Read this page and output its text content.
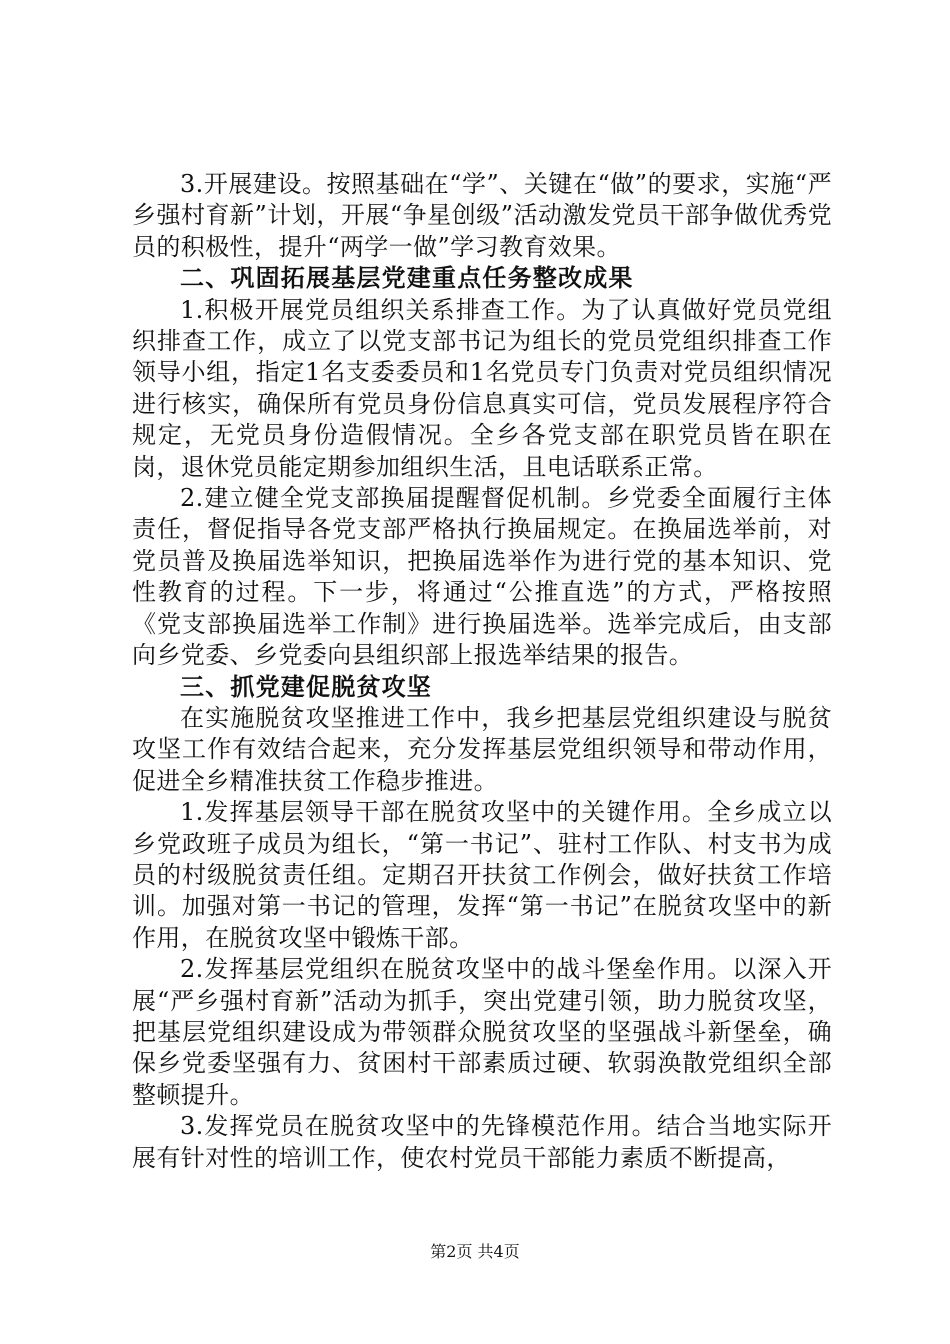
3.开展建设。按照基础在“学”、关键在“做”的要求，实施“严乡强村育新”计划，开展“争星创级”活动激发党员干部争做优秀党员的积极性，提升“两学一做”学习教育效果。

二、巩固拓展基层党建重点任务整改成果

1.积极开展党员组织关系排查工作。为了认真做好党员党组织排查工作，成立了以党支部书记为组长的党员党组织排查工作领导小组，指定1名支委委员和1名党员专门负责对党员组织情况进行核实，确保所有党员身份信息真实可信，党员发展程序符合规定，无党员身份造假情况。全乡各党支部在职党员皆在职在岗，退休党员能定期参加组织生活，且电话联系正常。

2.建立健全党支部换届提醒督促机制。乡党委全面履行主体责任，督促指导各党支部严格执行换届规定。在换届选举前，对党员普及换届选举知识，把换届选举作为进行党的基本知识、党性教育的过程。下一步，将通过“公推直选”的方式，严格按照《党支部换届选举工作制》进行换届选举。选举完成后，由支部向乡党委、乡党委向县组织部上报选举结果的报告。

三、抓党建促脱贫攻坚

在实施脱贫攻坚推进工作中，我乡把基层党组织建设与脱贫攻坚工作有效结合起来，充分发挥基层党组织领导和带动作用，促进全乡精准扶贫工作稳步推进。

1.发挥基层领导干部在脱贫攻坚中的关键作用。全乡成立以乡党政班子成员为组长，“第一书记”、驻村工作队、村支书为成员的村级脱贫责任组。定期召开扶贫工作例会，做好扶贫工作培训。加强对第一书记的管理，发挥“第一书记”在脱贫攻坚中的新作用，在脱贫攻坚中锻炼干部。

2.发挥基层党组织在脱贫攻坚中的战斗堡垒作用。以深入开展“严乡强村育新”活动为抓手，突出党建引领，助力脱贫攻坚，把基层党组织建设成为带领群众脱贫攻坚的坚强战斗新堡垒，确保乡党委坚强有力、贫困村干部素质过硬、软弱涣散党组织全部整顿提升。

3.发挥党员在脱贫攻坚中的先锋模范作用。结合当地实际开展有针对性的培训工作，使农村党员干部能力素质不断提高，

第2页 共4页
